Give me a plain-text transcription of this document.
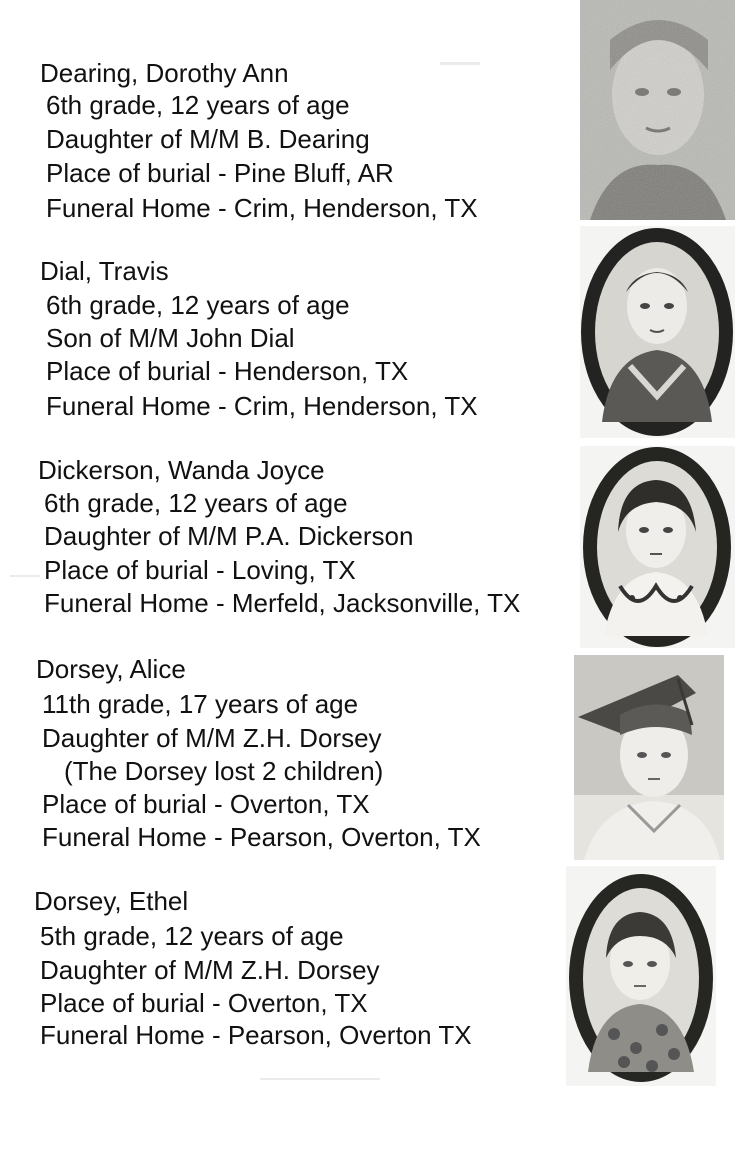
Dearing, Dorothy Ann
6th grade, 12 years of age
Daughter of M/M B. Dearing
Place of burial - Pine Bluff, AR
Funeral Home - Crim, Henderson, TX
Dial, Travis
6th grade, 12 years of age
Son of M/M John Dial
Place of burial - Henderson, TX
Funeral Home - Crim, Henderson, TX
Dickerson, Wanda Joyce
6th grade, 12 years of age
Daughter of M/M P.A. Dickerson
Place of burial - Loving, TX
Funeral Home - Merfeld, Jacksonville, TX
Dorsey, Alice
11th grade, 17 years of age
Daughter of M/M Z.H. Dorsey
(The Dorsey lost 2 children)
Place of burial - Overton, TX
Funeral Home - Pearson, Overton, TX
Dorsey, Ethel
5th grade, 12 years of age
Daughter of M/M Z.H. Dorsey
Place of burial - Overton, TX
Funeral Home - Pearson, Overton TX
